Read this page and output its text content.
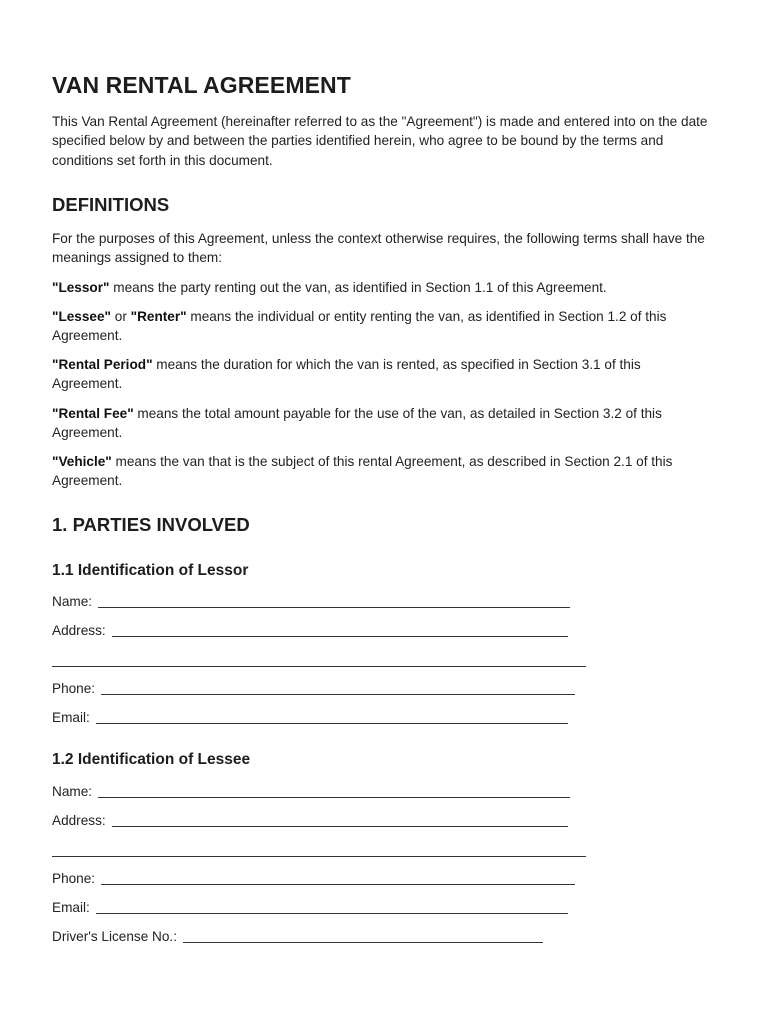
VAN RENTAL AGREEMENT

This Van Rental Agreement (hereinafter referred to as the "Agreement") is made and entered into on the date specified below by and between the parties identified herein, who agree to be bound by the terms and conditions set forth in this document.

DEFINITIONS

For the purposes of this Agreement, unless the context otherwise requires, the following terms shall have the meanings assigned to them:

"Lessor" means the party renting out the van, as identified in Section 1.1 of this Agreement.

"Lessee" or "Renter" means the individual or entity renting the van, as identified in Section 1.2 of this Agreement.

"Rental Period" means the duration for which the van is rented, as specified in Section 3.1 of this Agreement.

"Rental Fee" means the total amount payable for the use of the van, as detailed in Section 3.2 of this Agreement.

"Vehicle" means the van that is the subject of this rental Agreement, as described in Section 2.1 of this Agreement.

1. PARTIES INVOLVED
1.1 Identification of Lessor
Name:
Address:
Phone:
Email:
1.2 Identification of Lessee
Name:
Address:
Phone:
Email:
Driver's License No.:
